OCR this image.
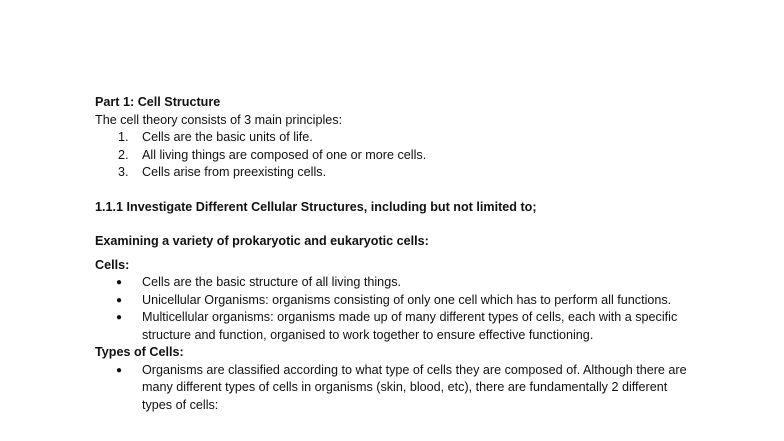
Part 1: Cell Structure

The cell theory consists of 3 main principles:

1.	Cells are the basic units of life.
2.	All living things are composed of one or more cells.
3.	Cells arise from preexisting cells.

1.1.1 Investigate Different Cellular Structures, including but not limited to;

Examining a variety of prokaryotic and eukaryotic cells:

Cells:

●	Cells are the basic structure of all living things.
●	Unicellular Organisms: organisms consisting of only one cell which has to perform all functions.
●	Multicellular organisms: organisms made up of many different types of cells, each with a specific structure and function, organised to work together to ensure effective functioning.

Types of Cells:

●	Organisms are classified according to what type of cells they are composed of. Although there are many different types of cells in organisms (skin, blood, etc), there are fundamentally 2 different types of cells:
